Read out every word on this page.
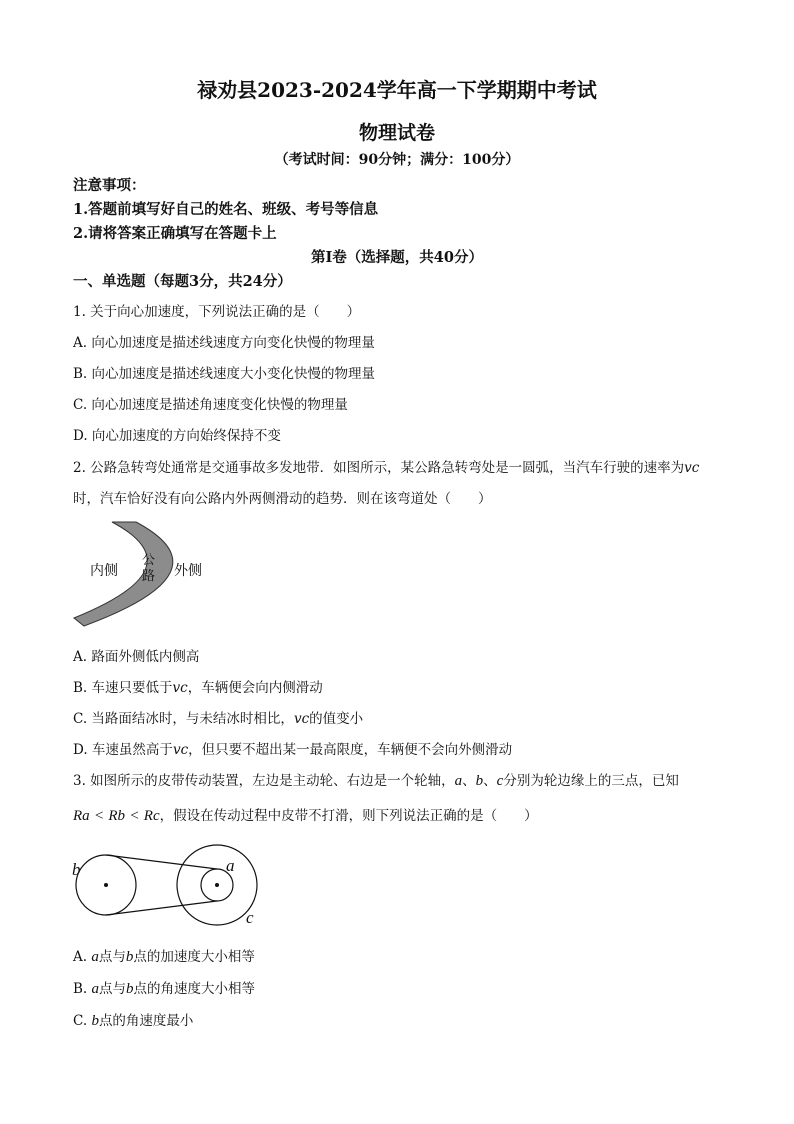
禄劝县2023-2024学年高一下学期期中考试
物理试卷
（考试时间：90分钟；满分：100分）
注意事项：
1.答题前填写好自己的姓名、班级、考号等信息
2.请将答案正确填写在答题卡上
第I卷（选择题，共40分）
一、单选题（每题3分，共24分）
1. 关于向心加速度，下列说法正确的是（　　）
A. 向心加速度是描述线速度方向变化快慢的物理量
B. 向心加速度是描述线速度大小变化快慢的物理量
C. 向心加速度是描述角速度变化快慢的物理量
D. 向心加速度的方向始终保持不变
2. 公路急转弯处通常是交通事故多发地带．如图所示，某公路急转弯处是一圆弧，当汽车行驶的速率为vc
时，汽车恰好没有向公路内外两侧滑动的趋势．则在该弯道处（　　）
内侧
公
路 外侧
A. 路面外侧低内侧高
B. 车速只要低于vc，车辆便会向内侧滑动
C. 当路面结冰时，与未结冰时相比，vc的值变小
D. 车速虽然高于vc，但只要不超出某一最高限度，车辆便不会向外侧滑动
3. 如图所示的皮带传动装置，左边是主动轮、右边是一个轮轴，a、b、c分别为轮边缘上的三点，已知
Ra < Rb < Rc，假设在传动过程中皮带不打滑，则下列说法正确的是（　　）
b	a
c
A. a点与b点的加速度大小相等
B. a点与b点的角速度大小相等
C. b点的角速度最小
